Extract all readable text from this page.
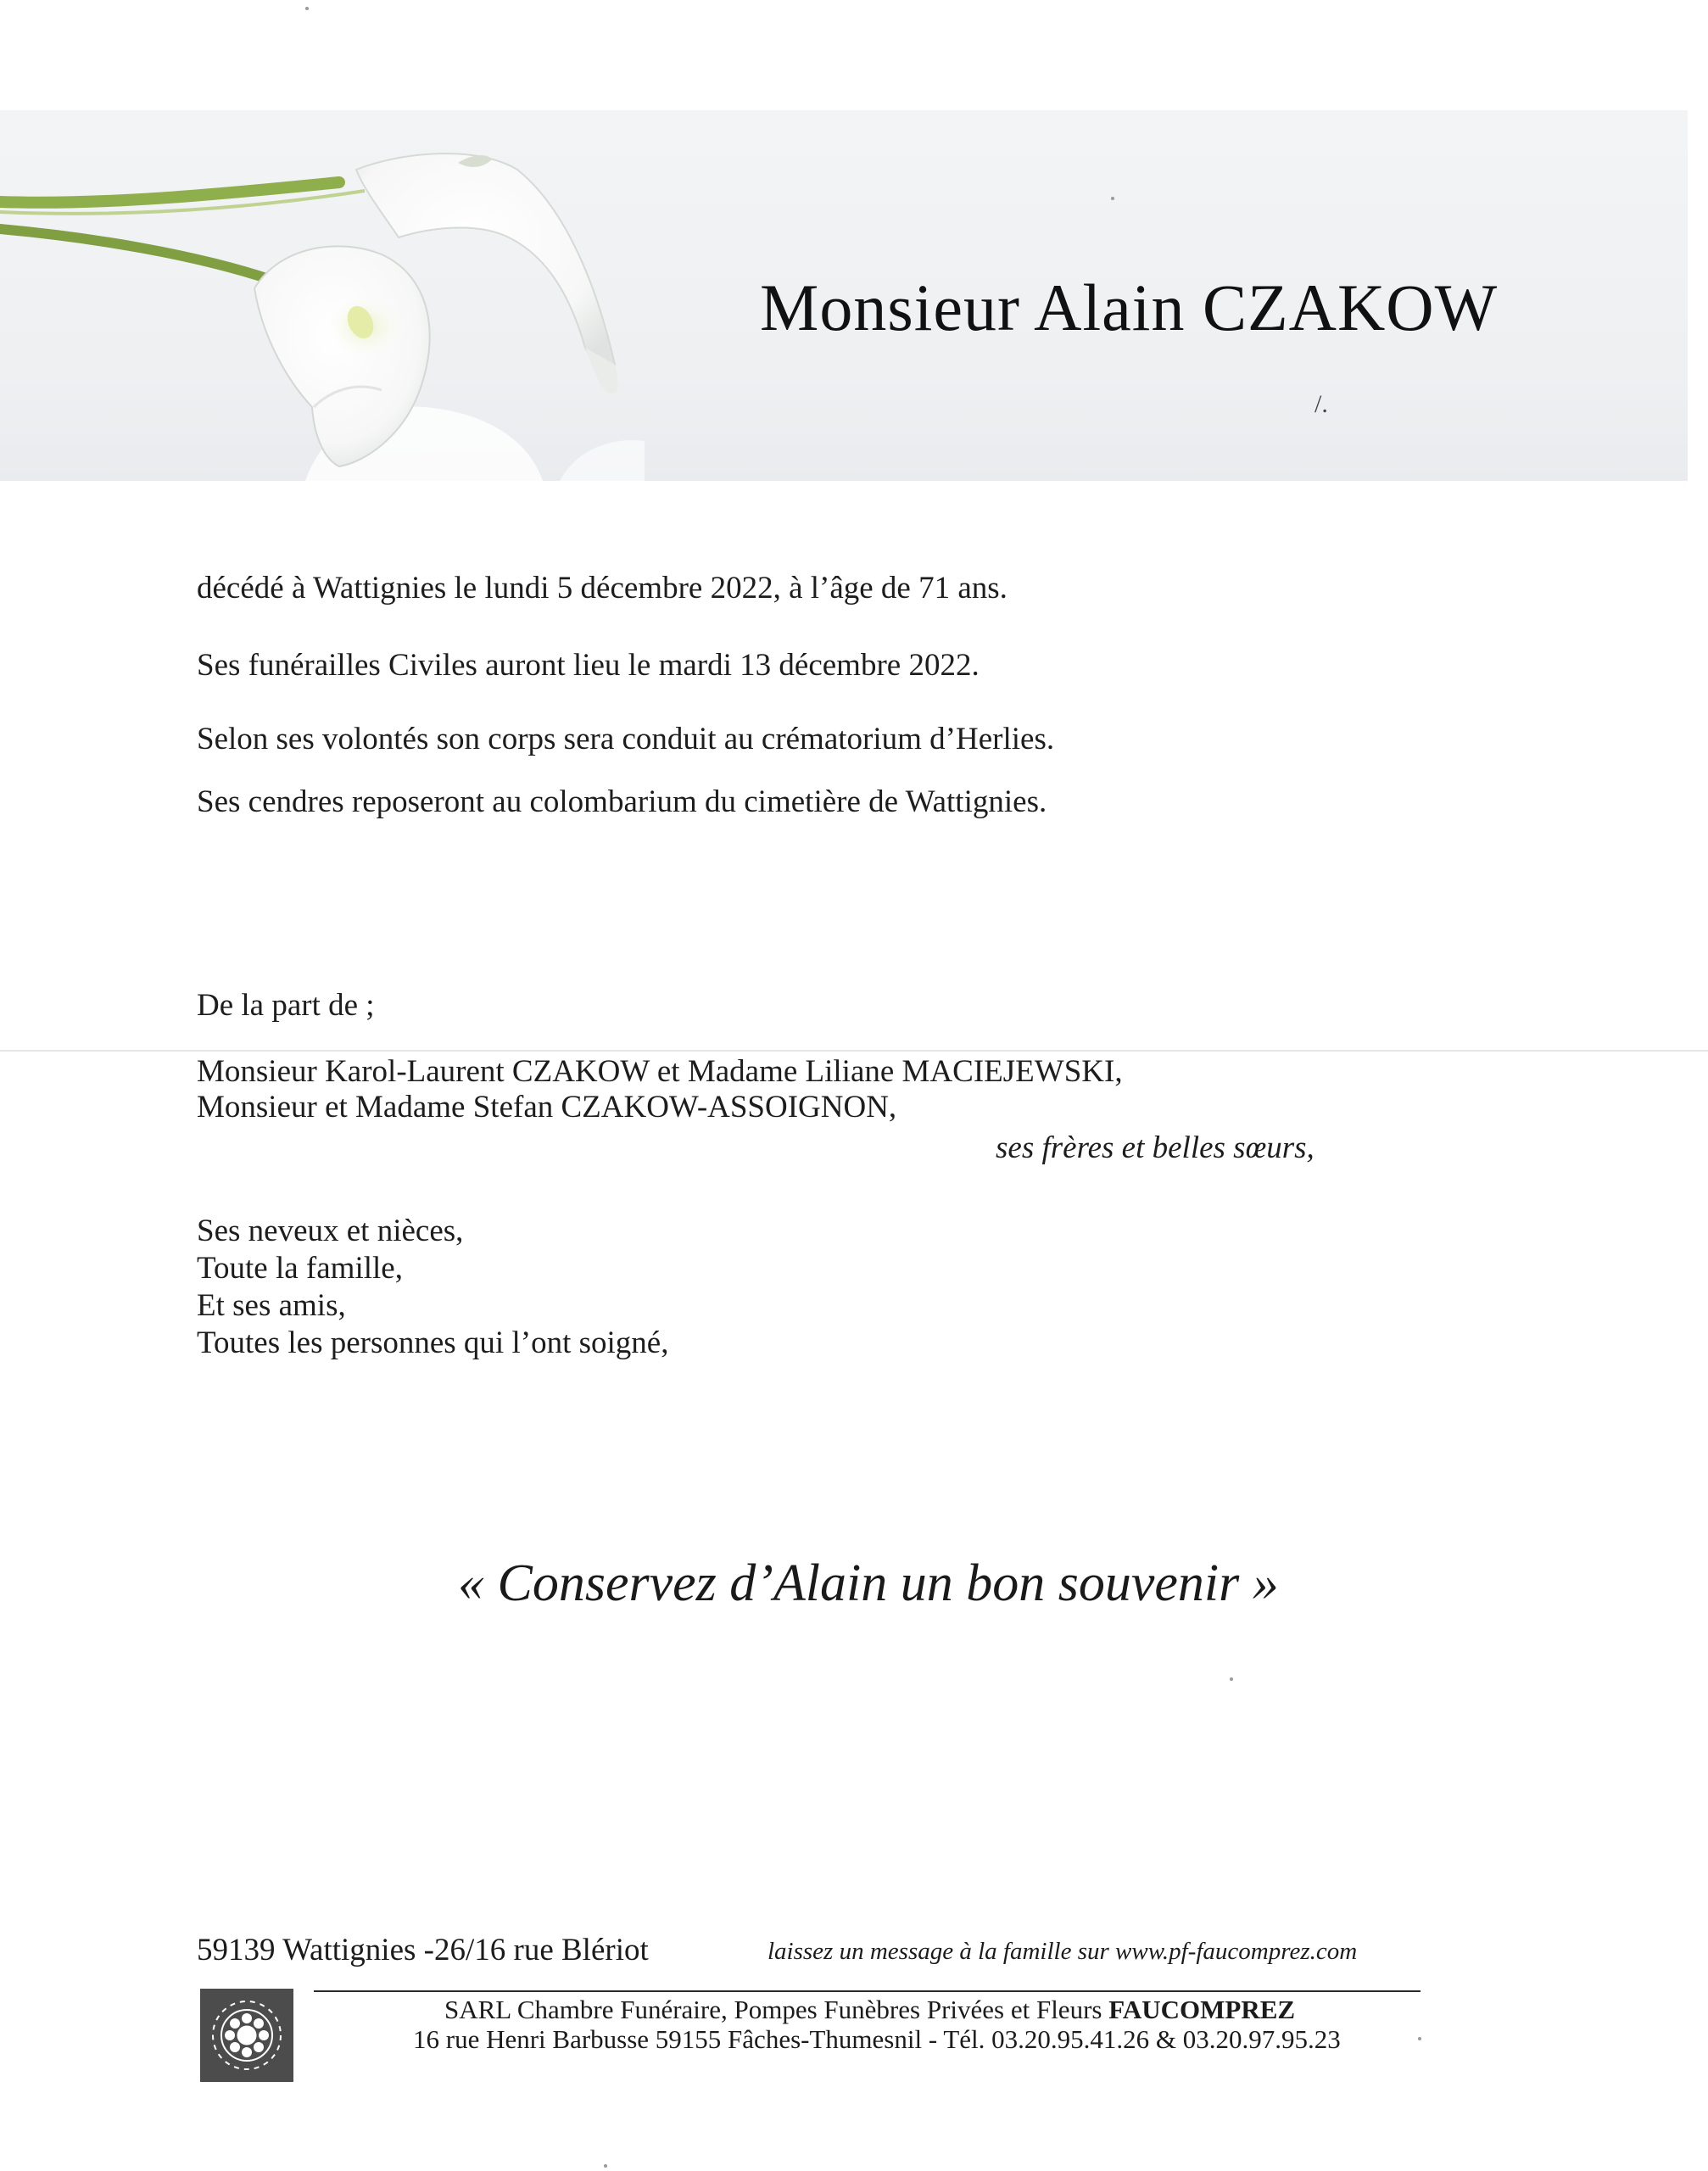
Monsieur Alain CZAKOW
/.
décédé à Wattignies le lundi 5 décembre 2022, à l’âge de 71 ans.
Ses funérailles Civiles auront lieu le mardi 13 décembre 2022.
Selon ses volontés son corps sera conduit au crématorium d’Herlies.
Ses cendres reposeront au colombarium du cimetière de Wattignies.
De la part de ;
Monsieur Karol-Laurent CZAKOW et Madame Liliane MACIEJEWSKI,
Monsieur et Madame Stefan CZAKOW-ASSOIGNON,
ses frères et belles sœurs,
Ses neveux et nièces,
Toute la famille,
Et ses amis,
Toutes les personnes qui l’ont soigné,
« Conservez d’Alain un bon souvenir »
59139 Wattignies -26/16 rue Blériot	laissez un message à la famille sur www.pf-faucomprez.com
SARL Chambre Funéraire, Pompes Funèbres Privées et Fleurs FAUCOMPREZ
16 rue Henri Barbusse 59155 Fâches-Thumesnil - Tél. 03.20.95.41.26 & 03.20.97.95.23
